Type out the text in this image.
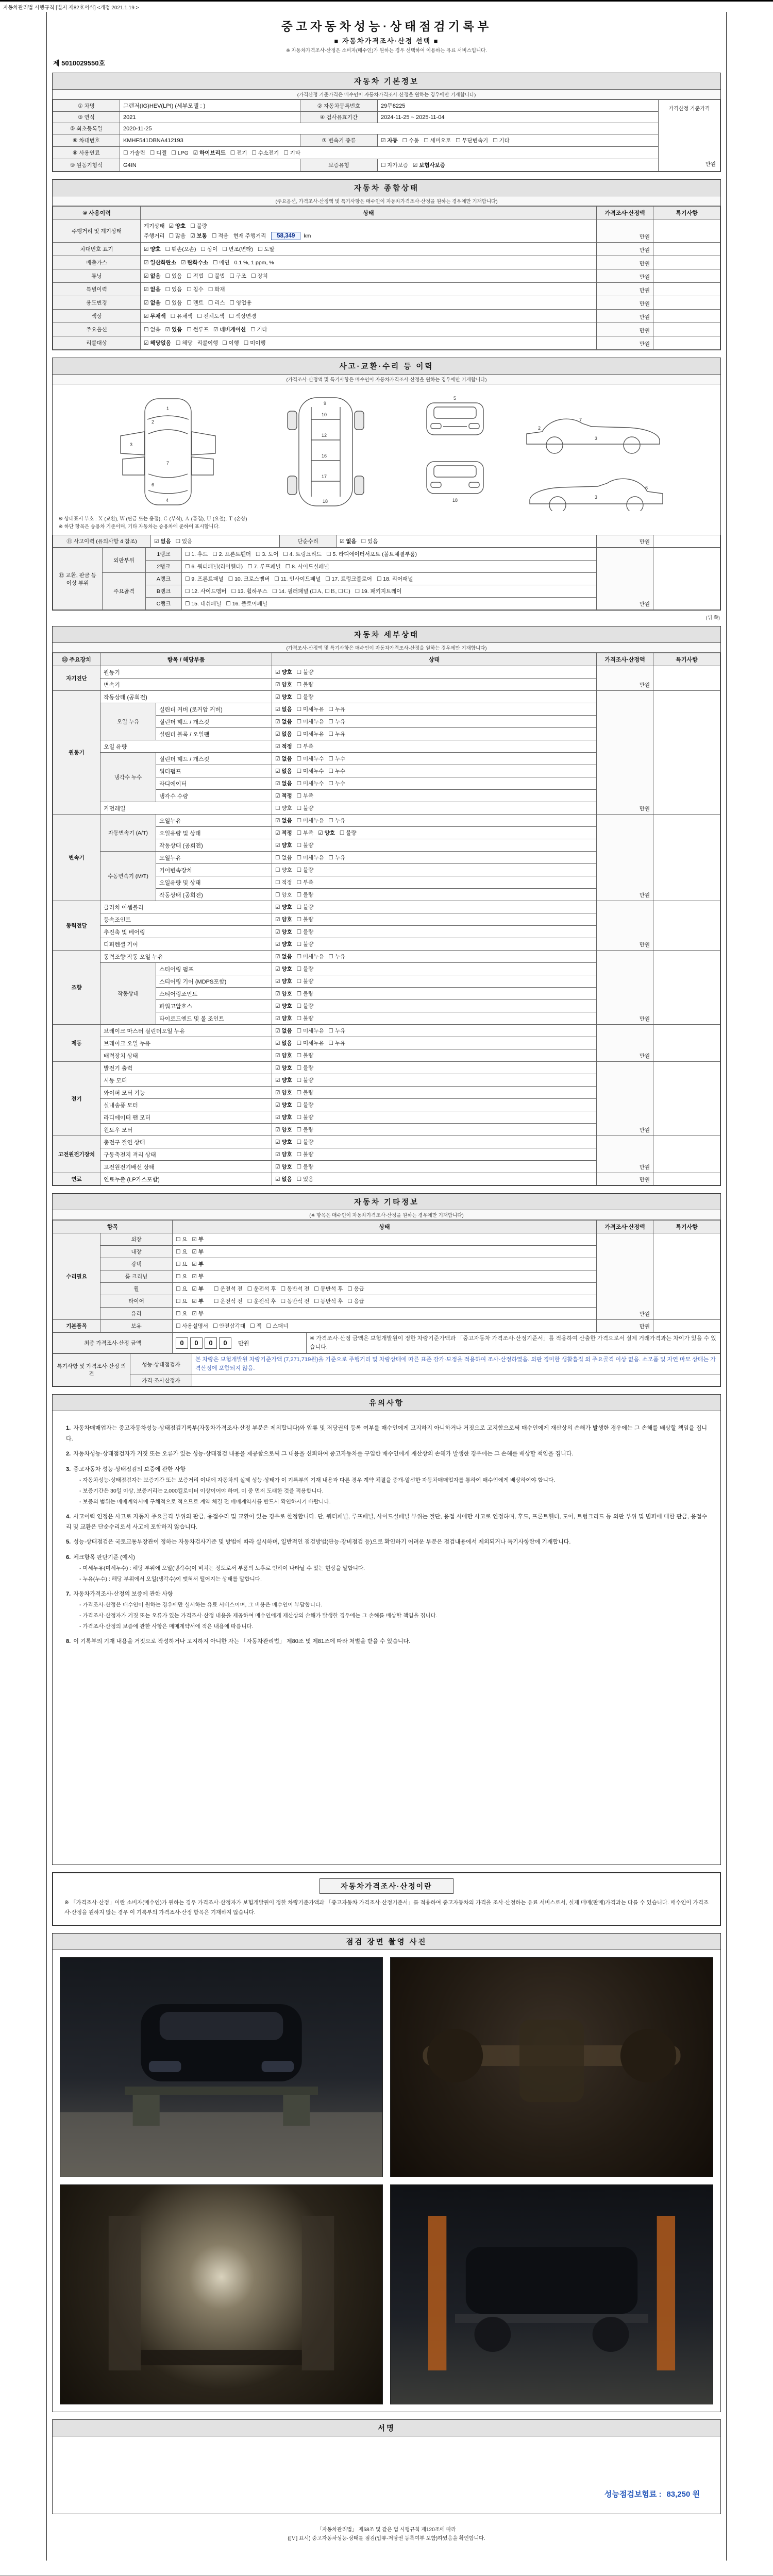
자동차관리법 시행규칙 [별지 제82호서식] <개정 2021.1.19.>
중고자동차성능·상태점검기록부
■ 자동차가격조사·산정 선택 ■
※ 자동차가격조사·산정은 소비자(매수인)가 원하는 경우 선택하여 이용하는 유료 서비스입니다.
제 5010029550호
자동차 기본정보
(가격산정 기준가격은 매수인이 자동차가격조사·산정을 원하는 경우에만 기재합니다)
① 차명	그랜저(IG)HEV(LPI) (세부모델 : )	② 자동차등록번호	29무8225	가격산정 기준가격
만원

③ 연식	2021	④ 검사유효기간	2024-11-25 ~ 2025-11-04	
⑤ 최초등록일	2020-11-25			
⑥ 차대번호	KMHF541DBNA412193	⑦ 변속기 종류	☑ 자동 ☐ 수동 ☐ 세미오토 ☐ 무단변속기 ☐ 기타	
⑧ 사용연료	☐ 가솔린 ☐ 디젤 ☐ LPG ☑ 하이브리드 ☐ 전기 ☐ 수소전기 ☐ 기타			
⑨ 원동기형식	G4IN	보증유형	☐ 자가보증 ☑ 보험사보증	
자동차 종합상태
(주요옵션, 가격조사·산정액 및 특기사항은 매수인이 자동차가격조사·산정을 원하는 경우에만 기재합니다)
⑩ 사용이력	상태	가격조사·산정액	특기사항
주행거리 및 계기상태	계기상태 ☑ 양호 ☐ 불량
주행거리 ☐ 많음 ☑ 보통 ☐ 적음 현재 주행거리 58,349 km	만원	
차대번호 표기	☑ 양호 ☐ 훼손(오손) ☐ 상이 ☐ 변조(변타) ☐ 도말	만원	
배출가스	☑ 일산화탄소 ☑ 탄화수소 ☐ 매연 0.1 %, 1 ppm, %	만원	
튜닝	☑ 없음 ☐ 있음 ☐ 적법 ☐ 불법 ☐ 구조 ☐ 장치	만원	
특별이력	☑ 없음 ☐ 있음 ☐ 침수 ☐ 화재	만원	
용도변경	☑ 없음 ☐ 있음 ☐ 렌트 ☐ 리스 ☐ 영업용	만원	
색상	☑ 무채색 ☐ 유채색 ☐ 전체도색 ☐ 색상변경	만원	
주요옵션	☐ 없음 ☑ 있음 ☐ 썬루프 ☑ 네비게이션 ☐ 기타	만원	
리콜대상	☑ 해당없음 ☐ 해당 리콜이행 ☐ 이행 ☐ 미이행	만원	
사고·교환·수리 등 이력
(가격조사·산정액 및 특기사항은 매수인이 자동차가격조사·산정을 원하는 경우에만 기재합니다)
1
2
3
7
6
4
9
10
12
16
17
18
5
18
7
3
2
3
6
※ 상태표시 부호 : Ｘ (교환), Ｗ (판금 또는 용접), Ｃ (부식), Ａ (흠집), Ｕ (요철), Ｔ (손상)
※ 하단 항목은 승용차 기준이며, 기타 자동차는 승용차에 준하여 표시합니다.
⑪ 사고이력 (유의사항 4 참조)	☑ 없음 ☐ 있음	단순수리	☑ 없음 ☐ 있음	만원	
⑫ 교환, 판금 등 이상 부위	외판부위	1랭크	☐ 1. 후드 ☐ 2. 프론트휀더 ☐ 3. 도어 ☐ 4. 트렁크리드 ☐ 5. 라디에이터서포트 (볼트체결부품)	만원	
		2랭크	☐ 6. 쿼터패널(리어휀더) ☐ 7. 루프패널 ☐ 8. 사이드실패널		
	주요골격	A랭크	☐ 9. 프론트패널 ☐ 10. 크로스멤버 ☐ 11. 인사이드패널 ☐ 17. 트렁크플로어 ☐ 18. 리어패널		
		B랭크	☐ 12. 사이드멤버 ☐ 13. 휠하우스 ☐ 14. 필러패널 (☐Ａ, ☐Ｂ, ☐Ｃ) ☐ 19. 패키지트레이		
		C랭크	☐ 15. 대쉬패널 ☐ 16. 플로어패널		
(뒤 쪽)
자동차 세부상태
(가격조사·산정액 및 특기사항은 매수인이 자동차가격조사·산정을 원하는 경우에만 기재합니다)
⑬ 주요장치	항목 / 해당부품		상태	가격조사·산정액	특기사항
자기진단	원동기		☑ 양호 ☐ 불량	만원	
	변속기		☑ 양호 ☐ 불량		
원동기	작동상태 (공회전)		☑ 양호 ☐ 불량	만원	
	오일 누유	실린더 커버 (로커암 커버)	☑ 없음 ☐ 미세누유 ☐ 누유		
		실린더 헤드 / 개스킷	☑ 없음 ☐ 미세누유 ☐ 누유		
		실린더 블록 / 오일팬	☑ 없음 ☐ 미세누유 ☐ 누유		
	오일 유량		☑ 적정 ☐ 부족		
	냉각수 누수	실린더 헤드 / 개스킷	☑ 없음 ☐ 미세누수 ☐ 누수		
		워터펌프	☑ 없음 ☐ 미세누수 ☐ 누수		
		라디에이터	☑ 없음 ☐ 미세누수 ☐ 누수		
		냉각수 수량	☑ 적정 ☐ 부족		
	커먼레일		☐ 양호 ☐ 불량		
변속기	자동변속기 (A/T)	오일누유	☑ 없음 ☐ 미세누유 ☐ 누유	만원	
		오일유량 및 상태	☑ 적정 ☐ 부족 ☑ 양호 ☐ 불량		
		작동상태 (공회전)	☑ 양호 ☐ 불량		
	수동변속기 (M/T)	오일누유	☐ 없음 ☐ 미세누유 ☐ 누유		
		기어변속장치	☐ 양호 ☐ 불량		
		오일유량 및 상태	☐ 적정 ☐ 부족		
		작동상태 (공회전)	☐ 양호 ☐ 불량		
동력전달	클러치 어셈블리		☑ 양호 ☐ 불량	만원	
	등속조인트		☑ 양호 ☐ 불량		
	추진축 및 베어링		☑ 양호 ☐ 불량		
	디퍼렌셜 기어		☑ 양호 ☐ 불량		
조향	동력조향 작동 오일 누유		☑ 없음 ☐ 미세누유 ☐ 누유	만원	
	작동상태	스티어링 펌프	☑ 양호 ☐ 불량		
		스티어링 기어 (MDPS포함)	☑ 양호 ☐ 불량		
		스티어링조인트	☑ 양호 ☐ 불량		
		파워고압호스	☑ 양호 ☐ 불량		
		타이로드엔드 및 볼 조인트	☑ 양호 ☐ 불량		
제동	브레이크 마스터 실린더오일 누유		☑ 없음 ☐ 미세누유 ☐ 누유	만원	
	브레이크 오일 누유		☑ 없음 ☐ 미세누유 ☐ 누유		
	배력장치 상태		☑ 양호 ☐ 불량		
전기	발전기 출력		☑ 양호 ☐ 불량	만원	
	시동 모터		☑ 양호 ☐ 불량		
	와이퍼 모터 기능		☑ 양호 ☐ 불량		
	실내송풍 모터		☑ 양호 ☐ 불량		
	라디에이터 팬 모터		☑ 양호 ☐ 불량		
	윈도우 모터		☑ 양호 ☐ 불량		
고전원전기장치	충전구 절연 상태		☑ 양호 ☐ 불량	만원	
	구동축전지 격리 상태		☑ 양호 ☐ 불량		
	고전원전기배선 상태		☑ 양호 ☐ 불량		
연료	연료누출 (LP가스포함)		☑ 없음 ☐ 있음	만원	
자동차 기타정보
(※ 항목은 매수인이 자동차가격조사·산정을 원하는 경우에만 기재합니다)
항목		상태	가격조사·산정액	특기사항
수리필요	외장	☐ 요 ☑ 부	만원	
	내장	☐ 요 ☑ 부		
	광택	☐ 요 ☑ 부		
	룸 크리닝	☐ 요 ☑ 부		
	휠	☐ 요 ☑ 부 ☐ 운전석 전 ☐ 운전석 후 ☐ 동반석 전 ☐ 동반석 후 ☐ 응급		
	타이어	☐ 요 ☑ 부 ☐ 운전석 전 ☐ 운전석 후 ☐ 동반석 전 ☐ 동반석 후 ☐ 응급		
	유리	☐ 요 ☑ 부		
기본품목	보유	☐ 사용설명서 ☐ 안전삼각대 ☐ 잭 ☐ 스패너	만원	
최종 가격조사·산정 금액	0 0 0 0 만원	※ 가격조사·산정 금액은 보험개발원이 정한 차량기준가액과 「중고자동차 가격조사·산정기준서」를 적용하여 산출한 가격으로서 실제 거래가격과는 차이가 있을 수 있습니다.
특기사항 및 가격조사·산정 의견	성능·상태점검자	본 차량은 보험개발원 차량기준가액 (7,271,719원)을 기준으로 주행거리 및 차량상태에 따른 표준 감가·보정을 적용하여 조사·산정하였음. 외판 경미한 생활흠집 외 주요골격 이상 없음. 소모품 및 자연 마모 상태는 가격산정에 포함되지 않음.
	가격·조사산정자	
유의사항
1. 자동차매매업자는 중고자동차성능·상태점검기록부(자동차가격조사·산정 부분은 제외합니다)와 압류 및 저당권의 등록 여부를 매수인에게 고지하지 아니하거나 거짓으로 고지함으로써 매수인에게 재산상의 손해가 발생한 경우에는 그 손해를 배상할 책임을 집니다.
2. 자동차성능·상태점검자가 거짓 또는 오류가 있는 성능·상태점검 내용을 제공함으로써 그 내용을 신뢰하여 중고자동차를 구입한 매수인에게 재산상의 손해가 발생한 경우에는 그 손해를 배상할 책임을 집니다.
3. 중고자동차 성능·상태점검의 보증에 관한 사항
- 자동차성능·상태점검자는 보증기간 또는 보증거리 이내에 자동차의 실제 성능·상태가 이 기록부의 기재 내용과 다른 경우 계약 체결을 중개·알선한 자동차매매업자를 통하여 매수인에게 배상하여야 합니다.
- 보증기간은 30일 이상, 보증거리는 2,000킬로미터 이상이어야 하며, 이 중 먼저 도래한 것을 적용합니다.
- 보증의 범위는 매매계약서에 구체적으로 적으므로 계약 체결 전 매매계약서를 반드시 확인하시기 바랍니다.
4. 사고이력 인정은 사고로 자동차 주요골격 부위의 판금, 용접수리 및 교환이 있는 경우로 한정합니다. 단, 쿼터패널, 루프패널, 사이드실패널 부위는 절단, 용접 시에만 사고로 인정하며, 후드, 프론트휀더, 도어, 트렁크리드 등 외판 부위 및 범퍼에 대한 판금, 용접수리 및 교환은 단순수리로서 사고에 포함하지 않습니다.
5. 성능·상태점검은 국토교통부장관이 정하는 자동차검사기준 및 방법에 따라 실시하며, 일반적인 점검방법(관능·장비점검 등)으로 확인하기 어려운 부분은 점검내용에서 제외되거나 특기사항란에 기재합니다.
6. 체크항목 판단기준 (예시)
- 미세누유(미세누수) : 해당 부위에 오일(냉각수)이 비치는 정도로서 부품의 노후로 인하여 나타날 수 있는 현상을 말합니다.
- 누유(누수) : 해당 부위에서 오일(냉각수)이 맺혀서 떨어지는 상태를 말합니다.
7. 자동차가격조사·산정의 보증에 관한 사항
- 가격조사·산정은 매수인이 원하는 경우에만 실시하는 유료 서비스이며, 그 비용은 매수인이 부담합니다.
- 가격조사·산정자가 거짓 또는 오류가 있는 가격조사·산정 내용을 제공하여 매수인에게 재산상의 손해가 발생한 경우에는 그 손해를 배상할 책임을 집니다.
- 가격조사·산정의 보증에 관한 사항은 매매계약서에 적은 내용에 따릅니다.
8. 이 기록부의 기재 내용을 거짓으로 작성하거나 고지하지 아니한 자는 「자동차관리법」 제80조 및 제81조에 따라 처벌을 받을 수 있습니다.
자동차가격조사·산정이란
※ 「가격조사·산정」이란 소비자(매수인)가 원하는 경우 가격조사·산정자가 보험개발원이 정한 차량기준가액과 「중고자동차 가격조사·산정기준서」를 적용하여 중고자동차의 가격을 조사·산정하는 유료 서비스로서, 실제 매매(판매)가격과는 다를 수 있습니다. 매수인이 가격조사·산정을 원하지 않는 경우 이 기록부의 가격조사·산정 항목은 기재하지 않습니다.
점검 장면 촬영 사진
서명
성능점검보험료 : 83,250 원
「자동차관리법」 제58조 및 같은 법 시행규칙 제120조에 따라
([Ｖ] 표시) 중고자동차성능·상태를 점검(압류·저당권 등록여부 포함)하였음을 확인합니다.
